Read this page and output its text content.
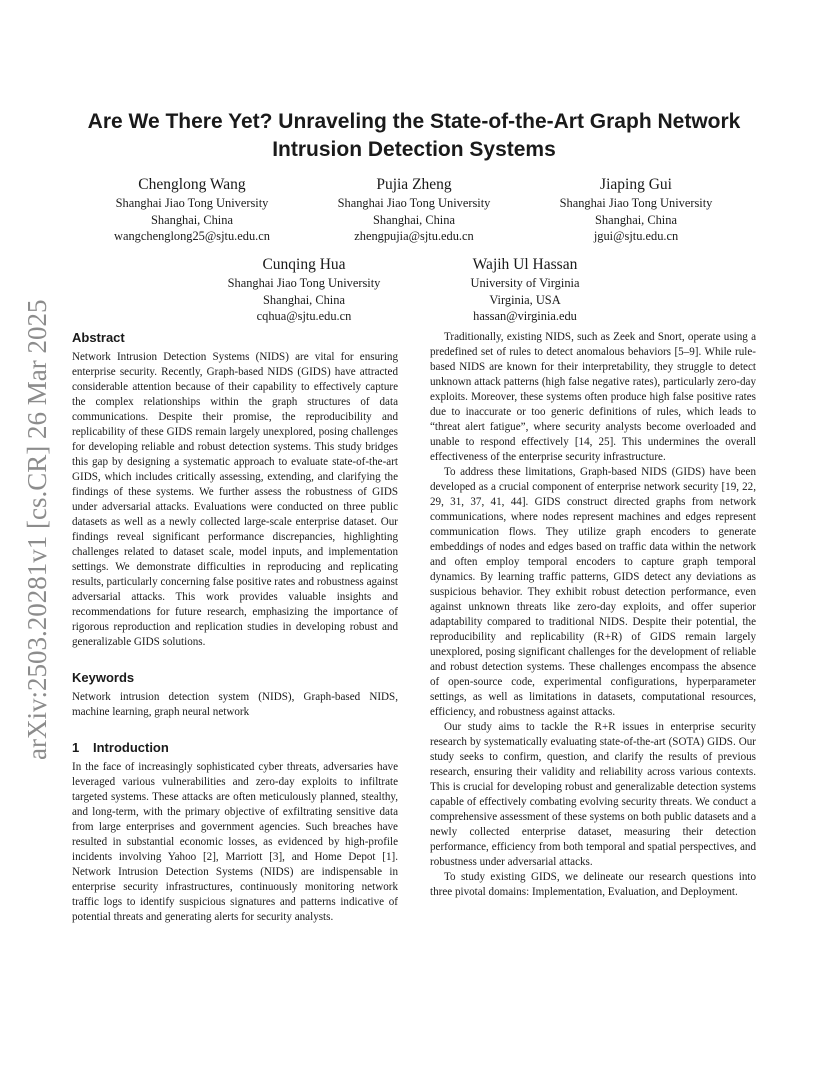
arXiv:2503.20281v1 [cs.CR] 26 Mar 2025
Are We There Yet? Unraveling the State-of-the-Art Graph Network Intrusion Detection Systems
Chenglong Wang
Shanghai Jiao Tong University
Shanghai, China
wangchenglong25@sjtu.edu.cn
Pujia Zheng
Shanghai Jiao Tong University
Shanghai, China
zhengpujia@sjtu.edu.cn
Jiaping Gui
Shanghai Jiao Tong University
Shanghai, China
jgui@sjtu.edu.cn
Cunqing Hua
Shanghai Jiao Tong University
Shanghai, China
cqhua@sjtu.edu.cn
Wajih Ul Hassan
University of Virginia
Virginia, USA
hassan@virginia.edu
Abstract

Network Intrusion Detection Systems (NIDS) are vital for ensuring enterprise security. Recently, Graph-based NIDS (GIDS) have attracted considerable attention because of their capability to effectively capture the complex relationships within the graph structures of data communications. Despite their promise, the reproducibility and replicability of these GIDS remain largely unexplored, posing challenges for developing reliable and robust detection systems. This study bridges this gap by designing a systematic approach to evaluate state-of-the-art GIDS, which includes critically assessing, extending, and clarifying the findings of these systems. We further assess the robustness of GIDS under adversarial attacks. Evaluations were conducted on three public datasets as well as a newly collected large-scale enterprise dataset. Our findings reveal significant performance discrepancies, highlighting challenges related to dataset scale, model inputs, and implementation settings. We demonstrate difficulties in reproducing and replicating results, particularly concerning false positive rates and robustness against adversarial attacks. This work provides valuable insights and recommendations for future research, emphasizing the importance of rigorous reproduction and replication studies in developing robust and generalizable GIDS solutions.

Keywords

Network intrusion detection system (NIDS), Graph-based NIDS, machine learning, graph neural network

1 Introduction

In the face of increasingly sophisticated cyber threats, adversaries have leveraged various vulnerabilities and zero-day exploits to infiltrate targeted systems. These attacks are often meticulously planned, stealthy, and long-term, with the primary objective of exfiltrating sensitive data from large enterprises and government agencies. Such breaches have resulted in substantial economic losses, as evidenced by high-profile incidents involving Yahoo [2], Marriott [3], and Home Depot [1]. Network Intrusion Detection Systems (NIDS) are indispensable in enterprise security infrastructures, continuously monitoring network traffic logs to identify suspicious signatures and patterns indicative of potential threats and generating alerts for security analysts.

Traditionally, existing NIDS, such as Zeek and Snort, operate using a predefined set of rules to detect anomalous behaviors [5–9]. While rule-based NIDS are known for their interpretability, they struggle to detect unknown attack patterns (high false negative rates), particularly zero-day exploits. Moreover, these systems often produce high false positive rates due to inaccurate or too generic definitions of rules, which leads to “threat alert fatigue”, where security analysts become overloaded and unable to respond effectively [14, 25]. This undermines the overall effectiveness of the enterprise security infrastructure.

To address these limitations, Graph-based NIDS (GIDS) have been developed as a crucial component of enterprise network security [19, 22, 29, 31, 37, 41, 44]. GIDS construct directed graphs from network communications, where nodes represent machines and edges represent communication flows. They utilize graph encoders to generate embeddings of nodes and edges based on traffic data within the network and often employ temporal encoders to capture graph temporal dynamics. By learning traffic patterns, GIDS detect any deviations as suspicious behavior. They exhibit robust detection performance, even against unknown threats like zero-day exploits, and offer superior adaptability compared to traditional NIDS. Despite their potential, the reproducibility and replicability (R+R) of GIDS remain largely unexplored, posing significant challenges for the development of reliable and robust detection systems. These challenges encompass the absence of open-source code, experimental configurations, hyperparameter settings, as well as limitations in datasets, computational resources, efficiency, and robustness against attacks.

Our study aims to tackle the R+R issues in enterprise security research by systematically evaluating state-of-the-art (SOTA) GIDS. Our study seeks to confirm, question, and clarify the results of previous research, ensuring their validity and reliability across various contexts. This is crucial for developing robust and generalizable detection systems capable of effectively combating evolving security threats. We conduct a comprehensive assessment of these systems on both public datasets and a newly collected enterprise dataset, measuring their detection performance, efficiency from both temporal and spatial perspectives, and robustness under adversarial attacks.

To study existing GIDS, we delineate our research questions into three pivotal domains: Implementation, Evaluation, and Deployment.
